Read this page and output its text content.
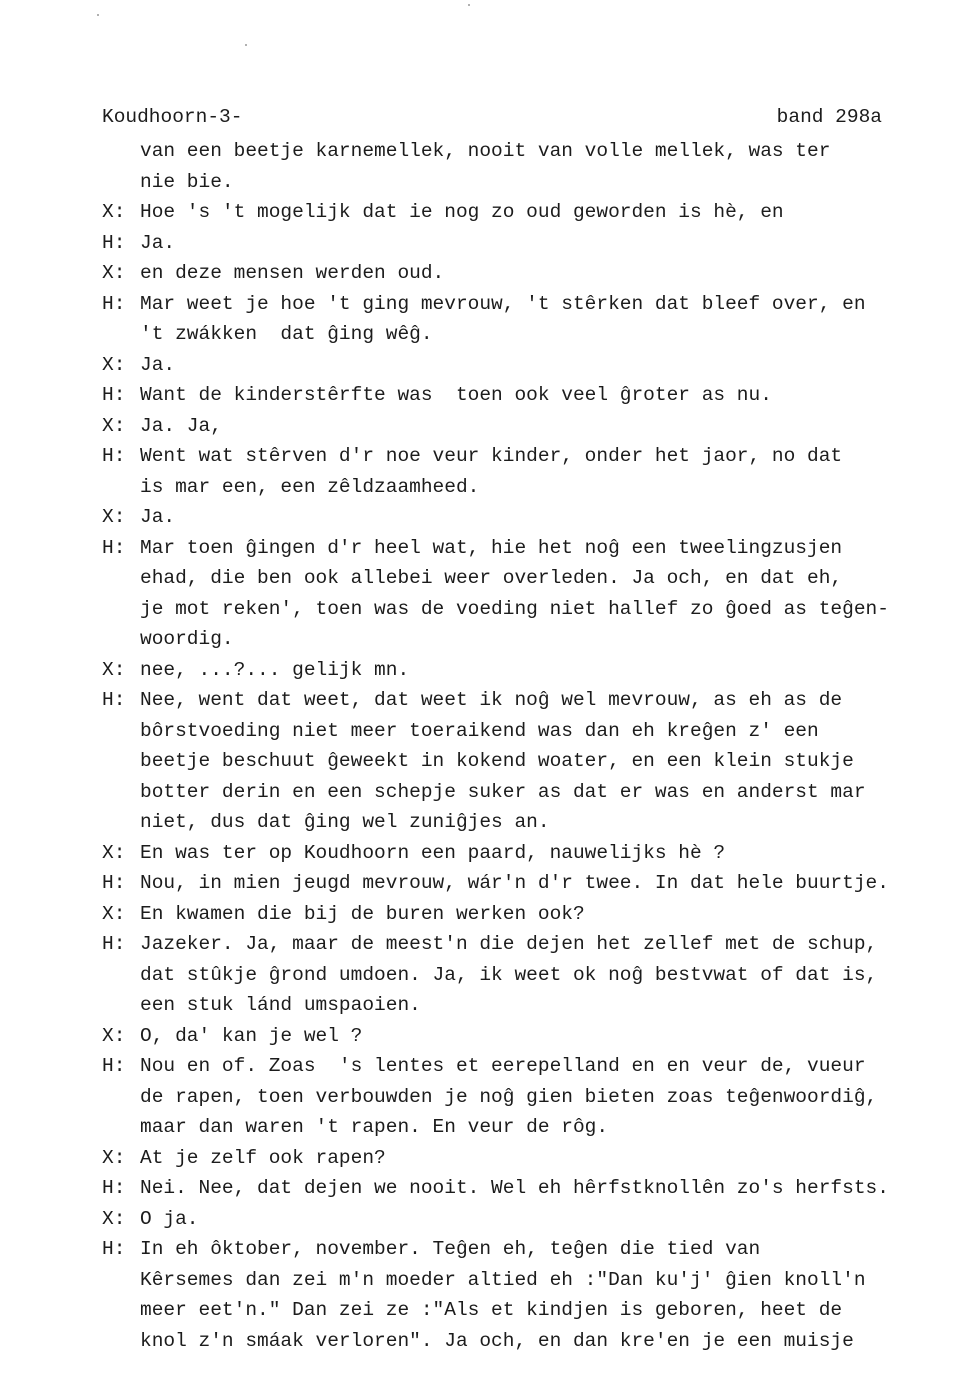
Koudhoorn-3-	band 298a
van een beetje karnemellek, nooit van volle mellek, was ter
nie bie.
X: Hoe 's 't mogelijk dat ie nog zo oud geworden is hè, en
H: Ja.
X: en deze mensen werden oud.
H: Mar weet je hoe 't ging mevrouw, 't stêrken dat bleef over, en
't zwákken  dat ĝing wêĝ.
X: Ja.
H: Want de kinderstêrfte was  toen ook veel ĝroter as nu.
X: Ja. Ja,
H: Went wat stêrven d'r noe veur kinder, onder het jaor, no dat
is mar een, een zêldzaamheed.
X: Ja.
H: Mar toen ĝingen d'r heel wat, hie het noĝ een tweelingzusjen
ehad, die ben ook allebei weer overleden. Ja och, en dat eh,
je mot reken', toen was de voeding niet hallef zo ĝoed as teĝen-
woordig.
X: nee, ...?... gelijk mn.
H: Nee, went dat weet, dat weet ik noĝ wel mevrouw, as eh as de
bôrstvoeding niet meer toeraikend was dan eh kreĝen z' een
beetje beschuut ĝeweekt in kokend woater, en een klein stukje
botter derin en een schepje suker as dat er was en anderst mar
niet, dus dat ĝing wel zuniĝjes an.
X: En was ter op Koudhoorn een paard, nauwelijks hè ?
H: Nou, in mien jeugd mevrouw, wár'n d'r twee. In dat hele buurtje.
X: En kwamen die bij de buren werken ook?
H: Jazeker. Ja, maar de meest'n die dejen het zellef met de schup,
dat stûkje ĝrond umdoen. Ja, ik weet ok noĝ bestvwat of dat is,
een stuk lánd umspaoien.
X: O, da' kan je wel ?
H: Nou en of. Zoas  's lentes et eerepelland en en veur de, vueur
de rapen, toen verbouwden je noĝ gien bieten zoas teĝenwoordiĝ,
maar dan waren 't rapen. En veur de rôg.
X: At je zelf ook rapen?
H: Nei. Nee, dat dejen we nooit. Wel eh hêrfstknollên zo's herfsts.
X: O ja.
H: In eh ôktober, november. Teĝen eh, teĝen die tied van
Kêrsemes dan zei m'n moeder altied eh :"Dan ku'j' ĝien knoll'n
meer eet'n." Dan zei ze :"Als et kindjen is geboren, heet de
knol z'n smáak verloren". Ja och, en dan kre'en je een muisje
